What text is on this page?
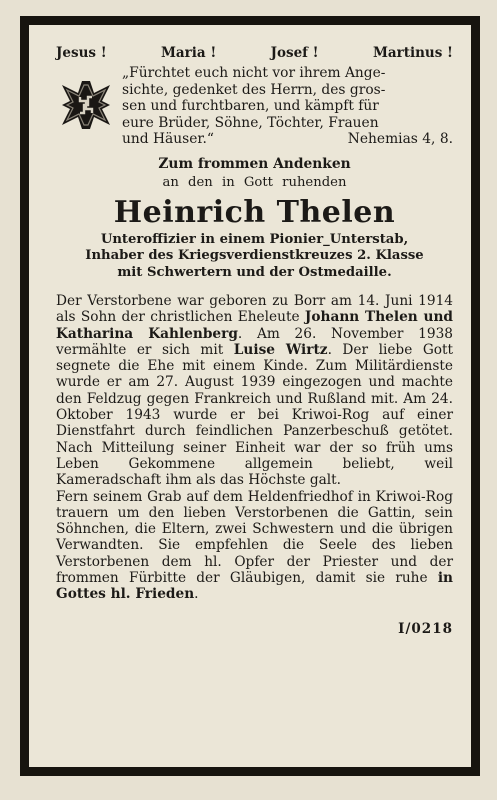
Jesus !	Maria !	Josef !	Martinus !
„Fürchtet euch nicht vor ihrem Ange-
sichte, gedenket des Herrn, des gros-
sen und furchtbaren, und kämpft für
eure Brüder, Söhne, Töchter, Frauen
und Häuser.“	Nehemias 4, 8.
Zum frommen Andenken
an den in Gott ruhenden
Heinrich Thelen
Unteroffizier in einem Pionier_Unterstab,
Inhaber des Kriegsverdienstkreuzes 2. Klasse
mit Schwertern und der Ostmedaille.
Der Verstorbene war geboren zu Borr am 14. Juni 1914 als Sohn der christlichen Eheleute Johann Thelen und Katharina Kahlenberg. Am 26. November 1938 vermählte er sich mit Luise Wirtz. Der liebe Gott segnete die Ehe mit einem Kinde. Zum Militärdienste wurde er am 27. August 1939 eingezogen und machte den Feldzug gegen Frankreich und Rußland mit. Am 24. Oktober 1943 wurde er bei Kriwoi-Rog auf einer Dienstfahrt durch feindlichen Panzerbeschuß getötet. Nach Mitteilung seiner Einheit war der so früh ums Leben Gekommene allgemein beliebt, weil Kameradschaft ihm als das Höchste galt.
Fern seinem Grab auf dem Heldenfriedhof in Kriwoi-Rog trauern um den lieben Verstorbenen die Gattin, sein Söhnchen, die Eltern, zwei Schwestern und die übrigen Verwandten. Sie empfehlen die Seele des lieben Verstorbenen dem hl. Opfer der Priester und der frommen Fürbitte der Gläubigen, damit sie ruhe in Gottes hl. Frieden.
I/0218
